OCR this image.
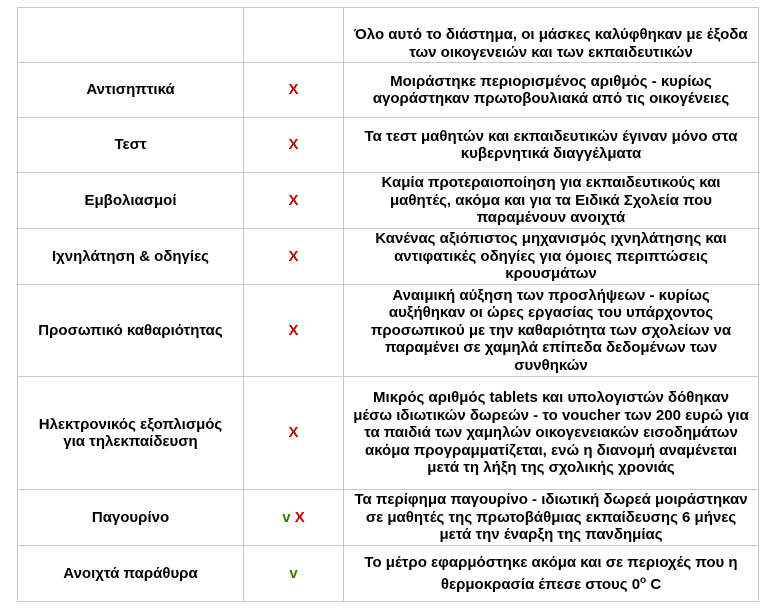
		Όλο αυτό το διάστημα, οι μάσκες καλύφθηκαν με έξοδα των οικογενειών και των εκπαιδευτικών
Αντισηπτικά	X	Μοιράστηκε περιορισμένος αριθμός - κυρίως αγοράστηκαν πρωτοβουλιακά από τις οικογένειες
Τεστ	X	Τα τεστ μαθητών και εκπαιδευτικών έγιναν μόνο στα κυβερνητικά διαγγέλματα
Εμβολιασμοί	X	Καμία προτεραιοποίηση για εκπαιδευτικούς και μαθητές, ακόμα και για τα Ειδικά Σχολεία που παραμένουν ανοιχτά
Ιχνηλάτηση & οδηγίες	X	Κανένας αξιόπιστος μηχανισμός ιχνηλάτησης και αντιφατικές οδηγίες για όμοιες περιπτώσεις κρουσμάτων
Προσωπικό καθαριότητας	X	Αναιμική αύξηση των προσλήψεων - κυρίως αυξήθηκαν οι ώρες εργασίας του υπάρχοντος προσωπικού με την καθαριότητα των σχολείων να παραμένει σε χαμηλά επίπεδα δεδομένων των συνθηκών
Ηλεκτρονικός εξοπλισμός για τηλεκπαίδευση	X	Μικρός αριθμός tablets και υπολογιστών δόθηκαν μέσω ιδιωτικών δωρεών - το voucher των 200 ευρώ για τα παιδιά των χαμηλών οικογενειακών εισοδημάτων ακόμα προγραμματίζεται, ενώ η διανομή αναμένεται μετά τη λήξη της σχολικής χρονιάς
Παγουρίνο	v X	Τα περίφημα παγουρίνο - ιδιωτική δωρεά μοιράστηκαν σε μαθητές της πρωτοβάθμιας εκπαίδευσης 6 μήνες μετά την έναρξη της πανδημίας
Ανοιχτά παράθυρα	v	Το μέτρο εφαρμόστηκε ακόμα και σε περιοχές που η θερμοκρασία έπεσε στους $0^o$ C
